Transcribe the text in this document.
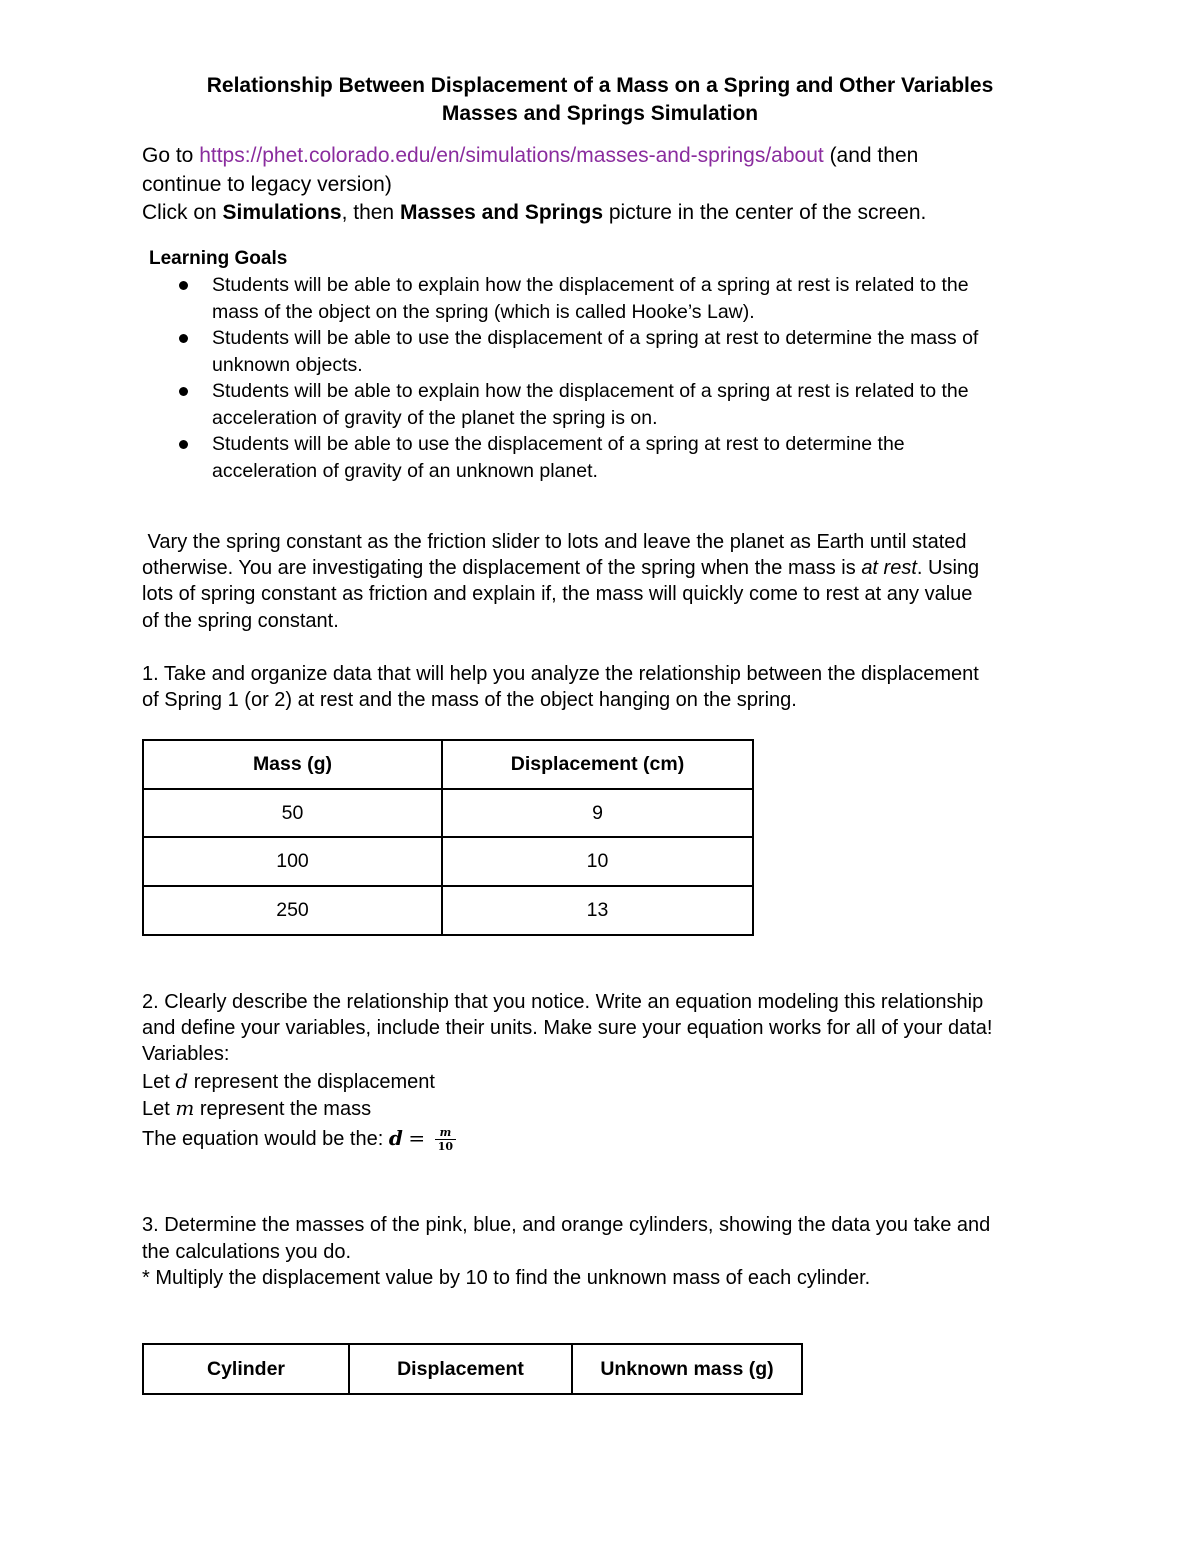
Relationship Between Displacement of a Mass on a Spring and Other Variables
Masses and Springs Simulation
Go to https://phet.colorado.edu/en/simulations/masses-and-springs/about (and then
continue to legacy version)
Click on Simulations, then Masses and Springs picture in the center of the screen.
Learning Goals
Students will be able to explain how the displacement of a spring at rest is related to the
mass of the object on the spring (which is called Hooke’s Law).
Students will be able to use the displacement of a spring at rest to determine the mass of
unknown objects.
Students will be able to explain how the displacement of a spring at rest is related to the
acceleration of gravity of the planet the spring is on.
Students will be able to use the displacement of a spring at rest to determine the
acceleration of gravity of an unknown planet.
Vary the spring constant as the friction slider to lots and leave the planet as Earth until stated
otherwise. You are investigating the displacement of the spring when the mass is at rest. Using
lots of spring constant as friction and explain if, the mass will quickly come to rest at any value
of the spring constant.
1. Take and organize data that will help you analyze the relationship between the displacement
of Spring 1 (or 2) at rest and the mass of the object hanging on the spring.
Mass (g)	Displacement (cm)
50	9
100	10
250	13
2. Clearly describe the relationship that you notice. Write an equation modeling this relationship
and define your variables, include their units. Make sure your equation works for all of your data!
Variables:
Let d represent the displacement
Let m represent the mass
The equation would be the: $d = \frac{m}{10}$
3. Determine the masses of the pink, blue, and orange cylinders, showing the data you take and
the calculations you do.
* Multiply the displacement value by 10 to find the unknown mass of each cylinder.
Cylinder	Displacement	Unknown mass (g)
